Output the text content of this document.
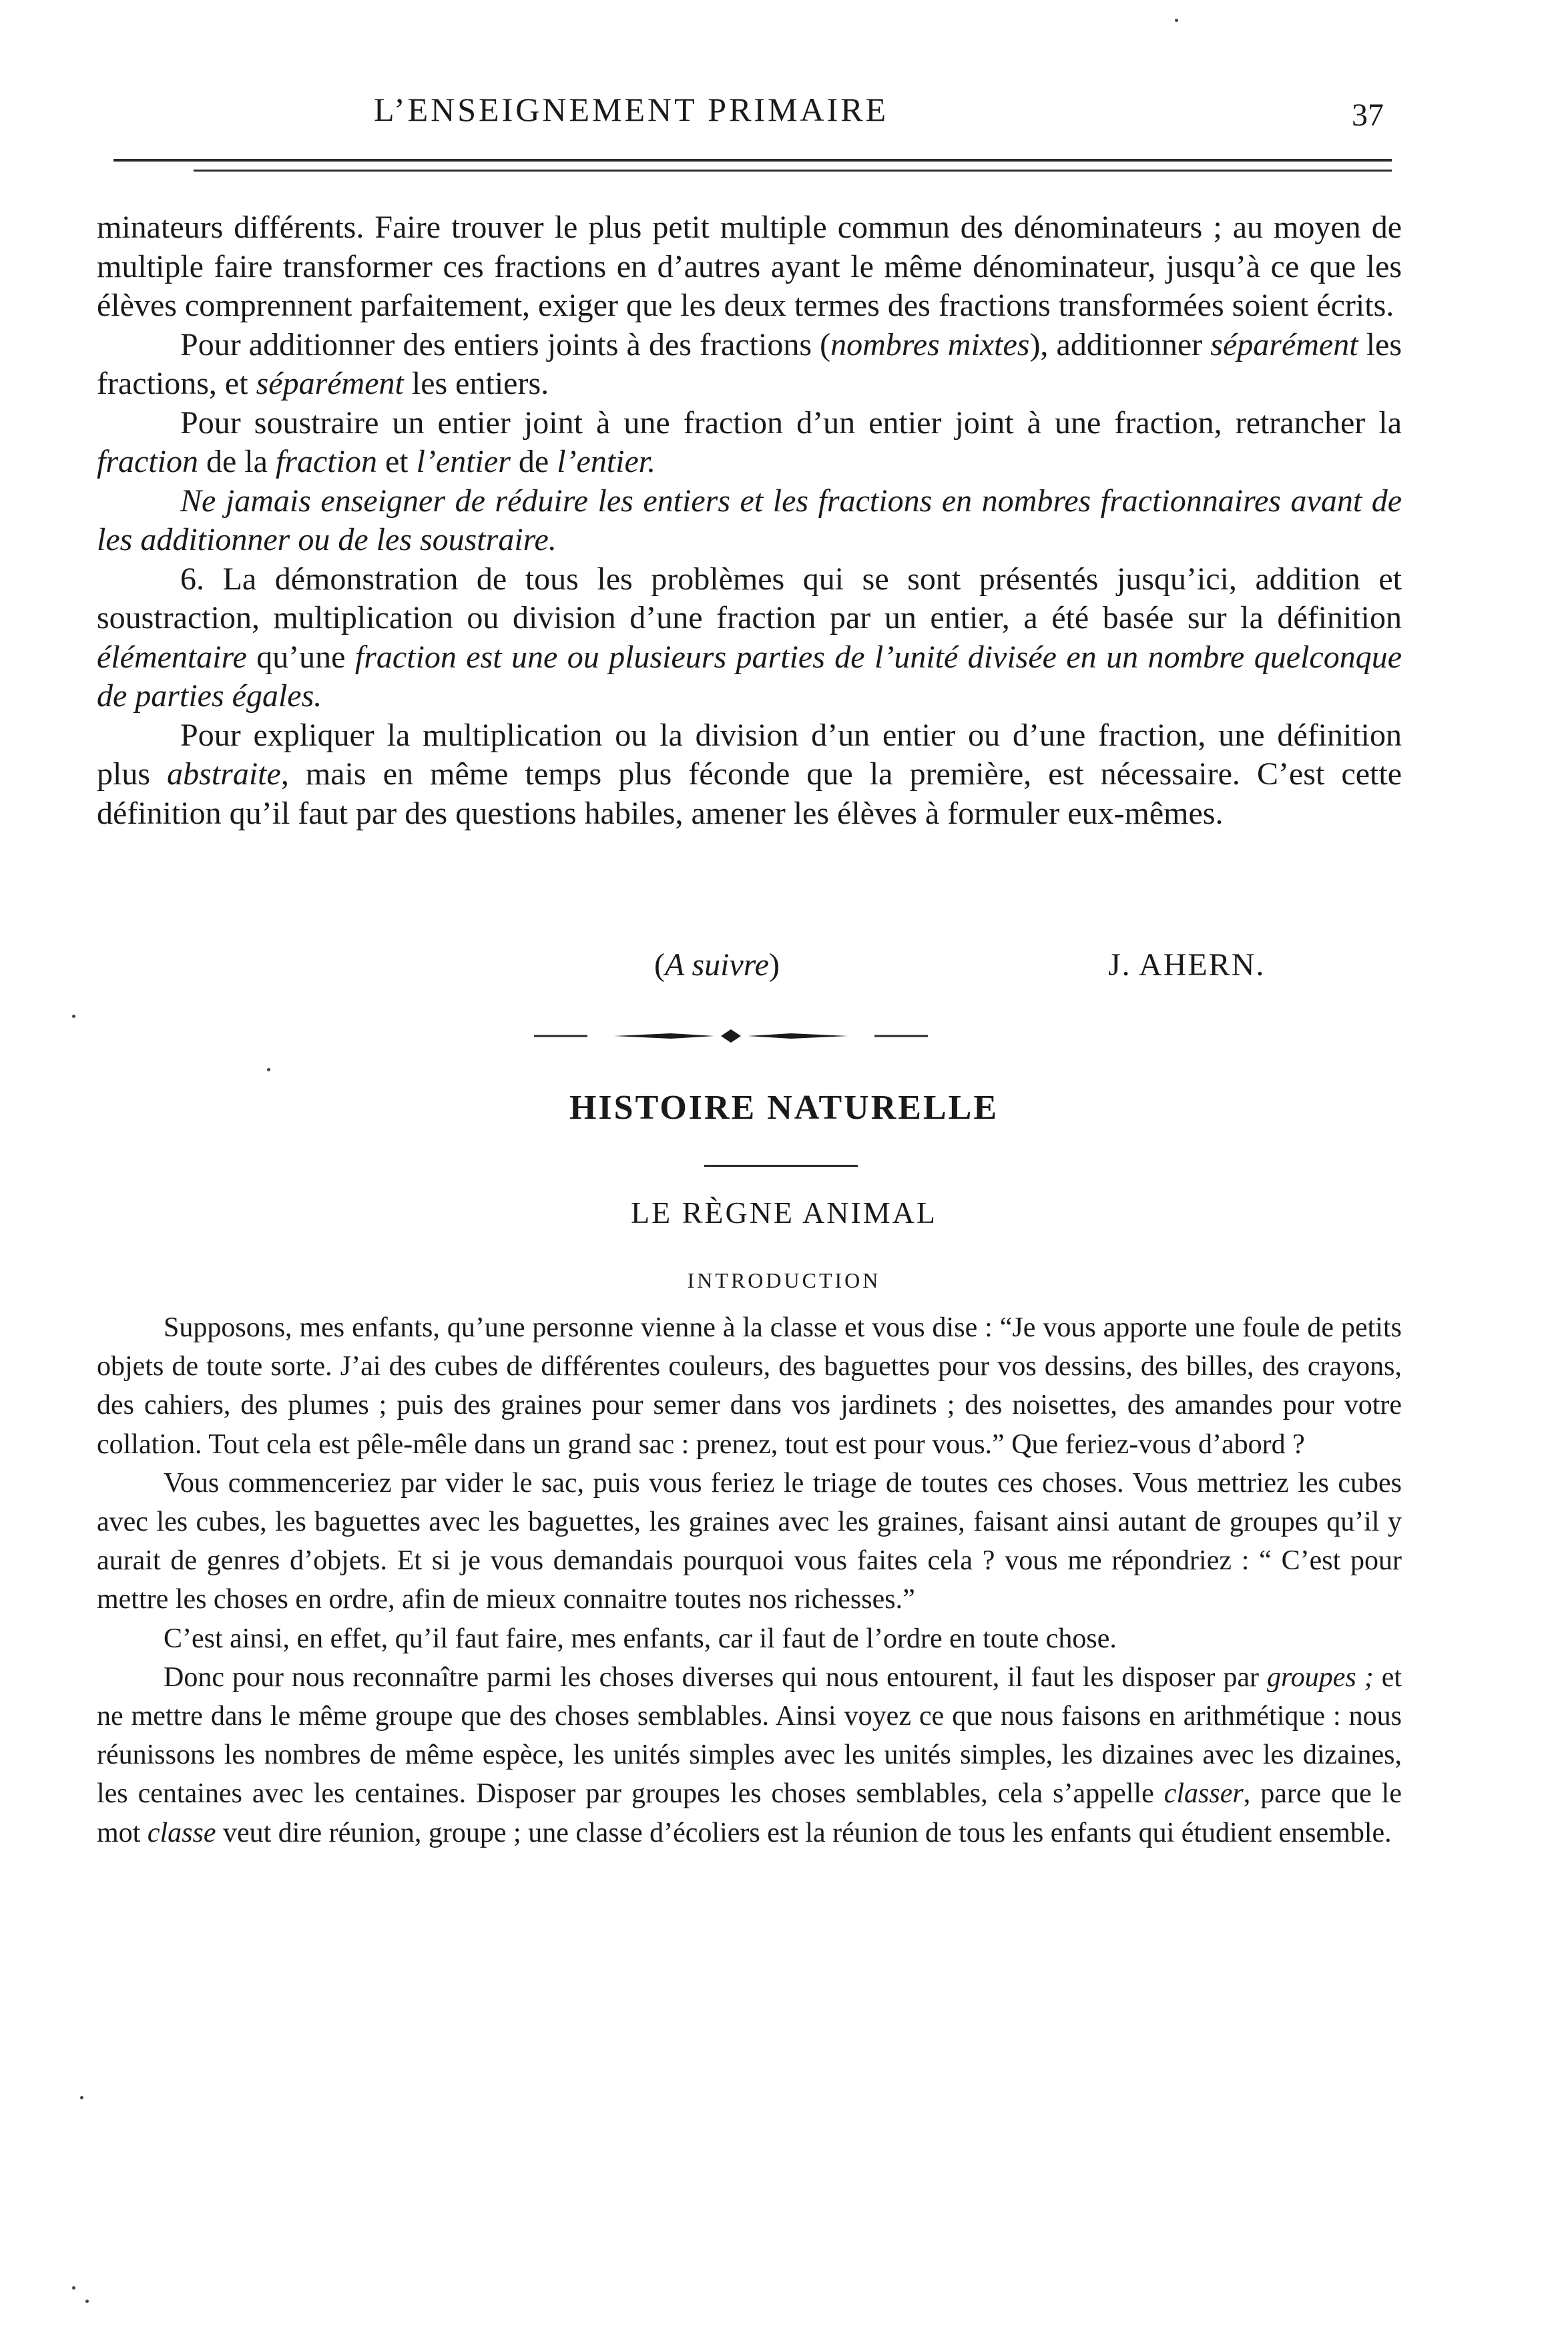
L’ENSEIGNEMENT PRIMAIRE	37

minateurs différents. Faire trouver le plus petit multiple commun des dénominateurs ; au moyen de multiple faire transformer ces fractions en d’autres ayant le même dénominateur, jusqu’à ce que les élèves comprennent parfaitement, exiger que les deux termes des fractions transformées soient écrits.

Pour additionner des entiers joints à des fractions (nombres mixtes), additionner séparément les fractions, et séparément les entiers.

Pour soustraire un entier joint à une fraction d’un entier joint à une fraction, retrancher la fraction de la fraction et l’entier de l’entier.

Ne jamais enseigner de réduire les entiers et les fractions en nombres fractionnaires avant de les additionner ou de les soustraire.

6. La démonstration de tous les problèmes qui se sont présentés jusqu’ici, addition et soustraction, multiplication ou division d’une fraction par un entier, a été basée sur la définition élémentaire qu’une fraction est une ou plusieurs parties de l’unité divisée en un nombre quelconque de parties égales.

Pour expliquer la multiplication ou la division d’un entier ou d’une fraction, une définition plus abstraite, mais en même temps plus féconde que la première, est nécessaire. C’est cette définition qu’il faut par des questions habiles, amener les élèves à formuler eux-mêmes.

(A suivre)	J. AHERN.
HISTOIRE NATURELLE
LE RÈGNE ANIMAL
INTRODUCTION

Supposons, mes enfants, qu’une personne vienne à la classe et vous dise : “Je vous apporte une foule de petits objets de toute sorte. J’ai des cubes de différentes couleurs, des baguettes pour vos dessins, des billes, des crayons, des cahiers, des plumes ; puis des graines pour semer dans vos jardinets ; des noisettes, des amandes pour votre collation. Tout cela est pêle-mêle dans un grand sac : prenez, tout est pour vous.” Que feriez-vous d’abord ?

Vous commenceriez par vider le sac, puis vous feriez le triage de toutes ces choses. Vous mettriez les cubes avec les cubes, les baguettes avec les baguettes, les graines avec les graines, faisant ainsi autant de groupes qu’il y aurait de genres d’objets. Et si je vous demandais pourquoi vous faites cela ? vous me répondriez : “ C’est pour mettre les choses en ordre, afin de mieux connaitre toutes nos richesses.”

C’est ainsi, en effet, qu’il faut faire, mes enfants, car il faut de l’ordre en toute chose.

Donc pour nous reconnaître parmi les choses diverses qui nous entourent, il faut les disposer par groupes ; et ne mettre dans le même groupe que des choses semblables. Ainsi voyez ce que nous faisons en arithmétique : nous réunissons les nombres de même espèce, les unités simples avec les unités simples, les dizaines avec les dizaines, les centaines avec les centaines. Disposer par groupes les choses semblables, cela s’appelle classer, parce que le mot classe veut dire réunion, groupe ; une classe d’écoliers est la réunion de tous les enfants qui étudient ensemble.
